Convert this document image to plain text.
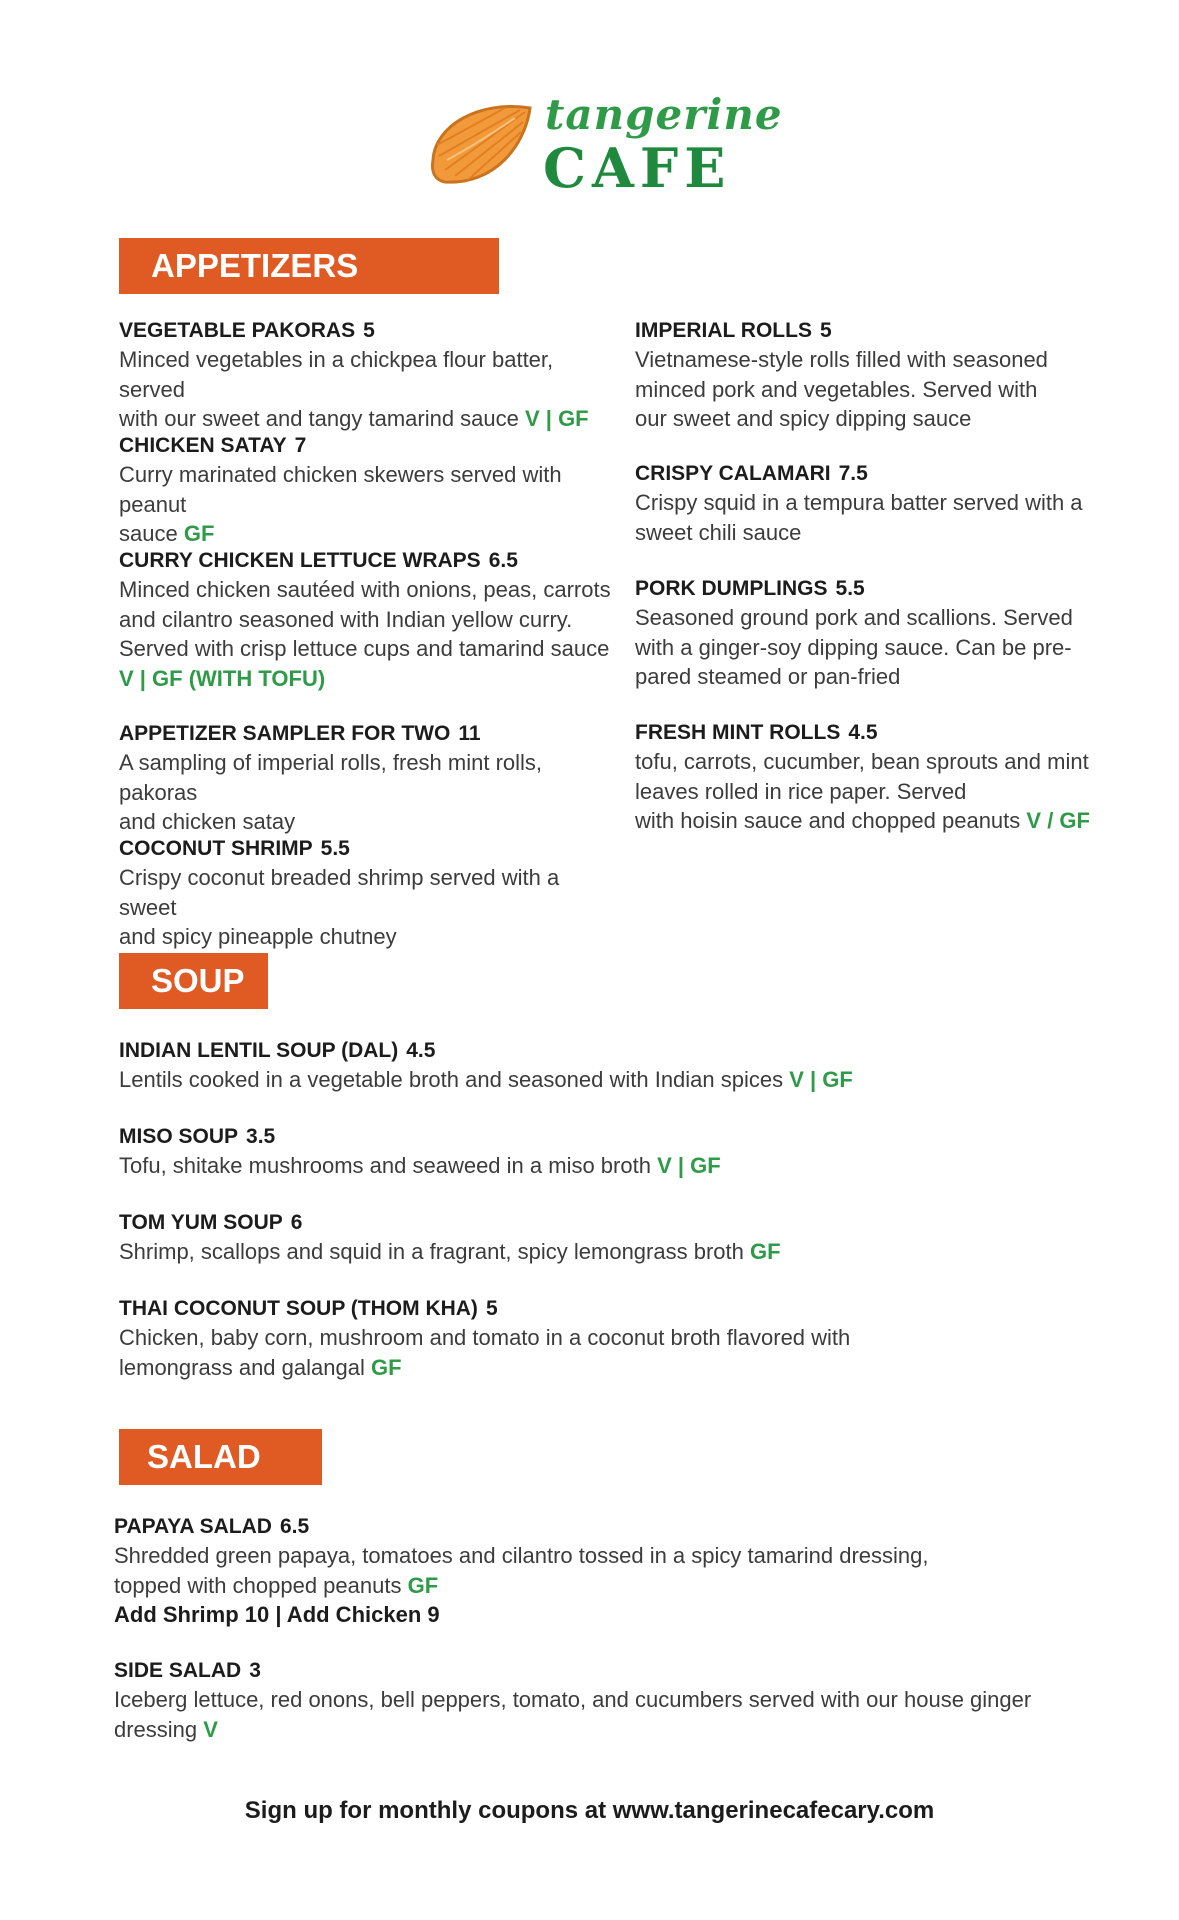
tangerine
CAFE
APPETIZERS
VEGETABLE PAKORAS 5
Minced vegetables in a chickpea flour batter, served
with our sweet and tangy tamarind sauce V | GF
CHICKEN SATAY 7
Curry marinated chicken skewers served with peanut
sauce GF
CURRY CHICKEN LETTUCE WRAPS 6.5
Minced chicken sautéed with onions, peas, carrots
and cilantro seasoned with Indian yellow curry.
Served with crisp lettuce cups and tamarind sauce
V | GF (WITH TOFU)
APPETIZER SAMPLER FOR TWO 11
A sampling of imperial rolls, fresh mint rolls, pakoras
and chicken satay
COCONUT SHRIMP 5.5
Crispy coconut breaded shrimp served with a sweet
and spicy pineapple chutney
IMPERIAL ROLLS 5
Vietnamese-style rolls filled with seasoned
minced pork and vegetables. Served with
our sweet and spicy dipping sauce
CRISPY CALAMARI 7.5
Crispy squid in a tempura batter served with a
sweet chili sauce
PORK DUMPLINGS 5.5
Seasoned ground pork and scallions. Served
with a ginger-soy dipping sauce. Can be pre-
pared steamed or pan-fried
FRESH MINT ROLLS 4.5
tofu, carrots, cucumber, bean sprouts and mint
leaves rolled in rice paper. Served
with hoisin sauce and chopped peanuts V / GF
SOUP
INDIAN LENTIL SOUP (DAL) 4.5
Lentils cooked in a vegetable broth and seasoned with Indian spices V | GF
MISO SOUP 3.5
Tofu, shitake mushrooms and seaweed in a miso broth V | GF
TOM YUM SOUP 6
Shrimp, scallops and squid in a fragrant, spicy lemongrass broth GF
THAI COCONUT SOUP (THOM KHA) 5
Chicken, baby corn, mushroom and tomato in a coconut broth flavored with
lemongrass and galangal GF
SALAD
PAPAYA SALAD 6.5
Shredded green papaya, tomatoes and cilantro tossed in a spicy tamarind dressing,
topped with chopped peanuts GF
Add Shrimp 10 | Add Chicken 9
SIDE SALAD 3
Iceberg lettuce, red onons, bell peppers, tomato, and cucumbers served with our house ginger
dressing V
Sign up for monthly coupons at www.tangerinecafecary.com
